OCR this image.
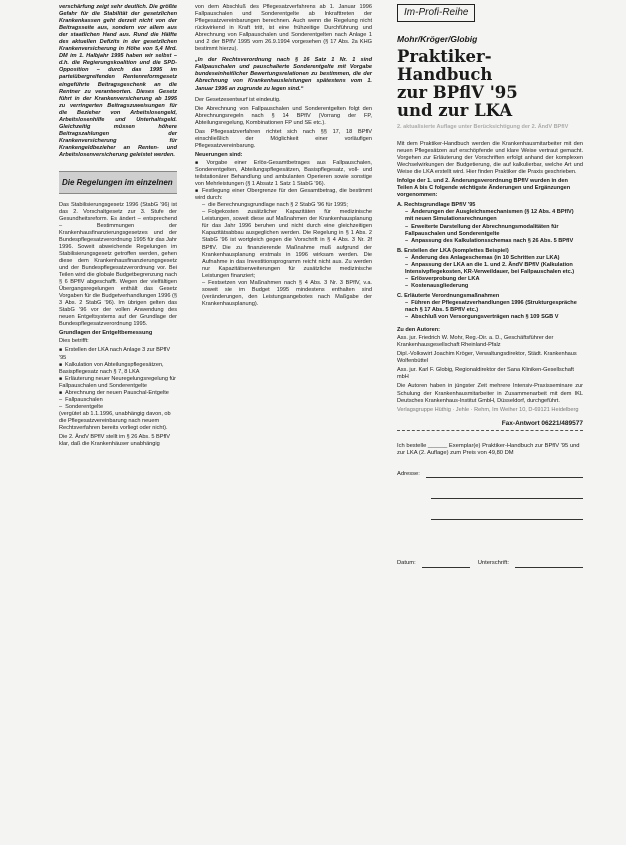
verschärfung zeigt sehr deutlich. Die größte Gefahr für die Stabilität der gesetzlichen Krankenkassen geht derzeit nicht von der Beitragsseite aus, sondern vor allem aus der staatlichen Hand aus. Rund die Hälfte des aktuellen Defizits in der gesetzlichen Krankenversicherung in Höhe von 5,4 Mrd. DM im 1. Halbjahr 1995 haben wir selbst – d.h. die Regierungskoalition und die SPD-Opposition – durch das 1995 im parteiübergreifenden Rentenreformgesetz eingeführte Beitragsgeschenk an die Rentner zu verantworten. Dieses Gesetz führt in der Krankenversicherung ab 1995 zu verringerten Beitragszuweisungen für die Bezieher von Arbeitslosengeld, Arbeitslosenhilfe und Unterhaltsgeld. Gleichzeitig müssen höhere Beitragszahlungen der Krankenversicherung für Krankengeldbezieher an Renten- und Arbeitslosenversicherung geleistet werden.

Die Regelungen im einzelnen

Das Stabilisierungsgesetz 1996 (StabG '96) ist das 2. Vorschaltgesetz zur 3. Stufe der Gesundheitsreform. Es ändert – entsprechend – Bestimmungen der Krankenhausfinanzierungsgesetzes und der Bundespflegesatzverordnung 1995 für das Jahr 1996. Soweit abweichende Regelungen im Stabilisierungsgesetz getroffen werden, gehen diese dem Krankenhausfinanzierungsgesetz und der Bundespflegesatzverordnung vor. Bei Teilen wird die globale Budgetbegrenzung nach § 6 BPflV abgeschafft. Wegen der vielfältigen Übergangsregelungen enthält das Gesetz Vorgaben für die Budgetverhandlungen 1996 (§ 3 Abs. 2 StabG '96). Im übrigen gelten das StabG '96 vor der vollen Anwendung des neuen Entgeltsystems auf der Grundlage der Bundespflegesatzverordnung 1995.

Grundlagen der Entgeltbemessung

Dies betrifft:

■ Erstellen der LKA nach Anlage 3 zur BPflV '95
■ Kalkulation von Abteilungspflegesätzen, Basispflegesatz nach § 7, 8 LKA
■ Erläuterung neuer Neuregelungsregelung für Fallpauschalen und Sonderentgelte
■ Abrechnung der neuen Pauschal-Entgelte
– Fallpauschalen
– Sonderentgelte

(vergütet ab 1.1.1996, unabhängig davon, ob die Pflegesatzvereinbarung nach neuem Rechtsverfahren bereits vorliegt oder nicht).

Die 2. ÄndV BPflV stellt im § 26 Abs. 5 BPflV klar, daß die Krankenhäuser unabhängig

von dem Abschluß des Pflegesatzverfahrens ab 1. Januar 1996 Fallpauschalen und Sonderentgelte ab Inkrafttreten der Pflegesatzvereinbarungen berechnen. Auch wenn die Regelung nicht rückwirkend in Kraft tritt, ist eine frühzeitige Durchführung und Abrechnung von Fallpauschalen und Sonderentgelten nach Anlage 1 und 2 der BPflV 1995 vom 26.9.1994 vorgesehen (§ 17 Abs. 2a KHG bestimmt hierzu).

„In der Rechtsverordnung nach § 16 Satz 1 Nr. 1 sind Fallpauschalen und pauschalierte Sonderentgelte mit Vorgabe bundeseinheitlicher Bewertungsrelationen zu bestimmen, die der Abrechnung von Krankenhausleistungen spätestens vom 1. Januar 1996 an zugrunde zu legen sind.“

Der Gesetzesentwurf ist eindeutig.

Die Abrechnung von Fallpauschalen und Sonderentgelten folgt den Abrechnungsregeln nach § 14 BPflV (Vorrang der FP, Abteilungsregelung, Kombinationen FP und SE etc.).

Das Pflegesatzverfahren richtet sich nach §§ 17, 18 BPflV einschließlich der Möglichkeit einer vorläufigen Pflegesatzvereinbarung.

Neuerungen sind:
■ Vorgabe einer Erlös-Gesamtbetrages aus Fallpauschalen, Sonderentgelten, Abteilungspflegesätzen, Basispflegesatz, voll- und teilstationärer Behandlung und ambulanten Operieren sowie sonstige von Mehrleistungen (§ 1 Absatz 1 Satz 1 StabG '96).
■ Festlegung einer Obergrenze für den Gesamtbetrag, die bestimmt wird durch:
– die Berechnungsgrundlage nach § 2 StabG '96 für 1995;
– Folgekosten zusätzlicher Kapazitäten für medizinische Leistungen, soweit diese auf Maßnahmen der Krankenhausplanung für das Jahr 1996 beruhen und nicht durch eine gleichzeitigen Kapazitätsabbau ausgeglichen werden. Die Regelung in § 1 Abs. 2 StabG '96 ist wortgleich gegen die Vorschrift in § 4 Abs. 3 Nr. 2f BPflV. Die zu finanzierende Maßnahme muß aufgrund der Krankenhausplanung erstmals in 1996 wirksam werden. Die Aufnahme in das Investitionsprogramm reicht nicht aus. Zu werden nur Kapazitätserweiterungen für zusätzliche medizinische Leistungen finanziert;
– Festsetzen von Maßnahmen nach § 4 Abs. 3 Nr. 3 BPflV, v.a. soweit sie im Budget 1995 mindestens enthalten sind (veränderungen, den Leistungsangebotes nach Maßgabe der Krankenhausplanung).
Im-Profi-Reihe
Mohr/Kröger/Globig
Praktiker-Handbuch
zur BPflV '95
und zur LKA
2. aktualisierte Auflage unter Berücksichtigung der 2. ÄndV BPflV

Mit dem Praktiker-Handbuch werden die Krankenhausmitarbeiter mit den neuen Pflegesätzen auf erschöpfende und klare Weise vertraut gemacht. Vorgehen zur Erläuterung der Vorschriften erfolgt anhand der komplexen Wechselwirkungen der Budgetierung, die auf kalkulierbar, welche Art und Weise die LKA erstellt wird. Hier finden Praktiker die Praxis geschrieben.

Infolge der 1. und 2. Änderungsverordnung BPflV wurden in den Teilen A bis C folgende wichtigste Änderungen und Ergänzungen vorgenommen:

A. Rechtsgrundlage BPflV '95
– Änderungen der Ausgleichsmechanismen (§ 12 Abs. 4 BPflV) mit neuen Simulationsrechnungen
– Erweiterte Darstellung der Abrechnungsmodalitäten für Fallpauschalen und Sonderentgelte
– Anpassung des Kalkulationsschemas nach § 26 Abs. 5 BPflV
B. Erstellen der LKA (komplettes Beispiel)
– Änderung des Anlageschemas (in 10 Schritten zur LKA)
– Anpassung der LKA an die 1. und 2. ÄndV BPflV (Kalkulation Intensivpflegekosten, KR-Verweildauer, bei Fallpauschalen etc.)
– Erlösverprobung der LKA
– Kostenausgliederung
C. Erläuterte Verordnungsmaßnahmen
– Führen der Pflegesatzverhandlungen 1996 (Strukturgespräche nach § 17 Abs. 5 BPflV etc.)
– Abschluß von Versorgungsverträgen nach § 109 SGB V
Zu den Autoren:

Ass. jur. Friedrich W. Mohr, Reg.-Dir. a. D., Geschäftsführer der Krankenhausgesellschaft Rheinland-Pfalz

Dipl.-Volkswirt Joachim Kröger, Verwaltungsdirektor, Städt. Krankenhaus Wolfenbüttel

Ass. jur. Karl F. Globig, Regionaldirektor der Sana Kliniken-Gesellschaft mbH

Die Autoren haben in jüngster Zeit mehrere Intensiv-Praxisseminare zur Schulung der Krankenhausmitarbeiter in Zusammenarbeit mit dem IKL Deutsches Krankenhaus-Institut GmbH, Düsseldorf, durchgeführt.

Verlagsgruppe Hüthig · Jehle · Rehm, Im Weiher 10, D-69121 Heidelberg

Fax-Antwort 06221/489577
Ich bestelle ______ Exemplar(e) Praktiker-Handbuch zur BPflV '95 und zur LKA (2. Auflage) zum Preis von 49,80 DM
Adresse:
Datum:	Unterschrift:
